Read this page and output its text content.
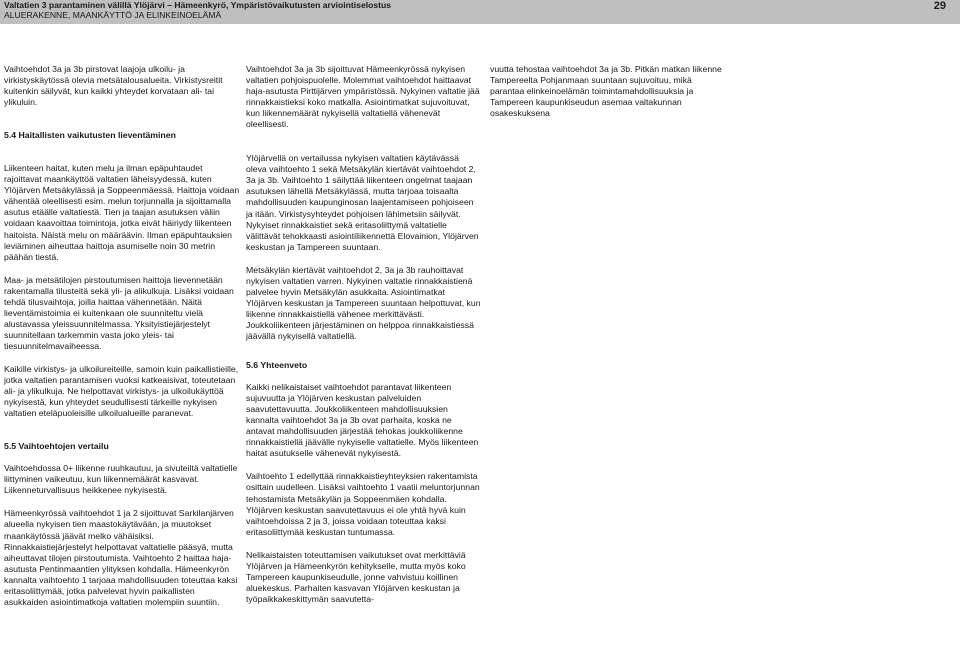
Valtatien 3 parantaminen välillä Ylöjärvi – Hämeenkyrö, Ympäristövaikutusten arviointiselostus
ALUERAKENNE, MAANKÄYTTÖ JA ELINKEINOELÄMÄ
29

Vaihtoehdot 3a ja 3b pirstovat laajoja ulkoilu- ja virkistyskäytössä olevia metsätalousalueita. Virkistysreitit kuitenkin säilyvät, kun kaikki yhteydet korvataan ali- tai ylikuluin.

5.4 Haitallisten vaikutusten lieventäminen

Liikenteen haitat, kuten melu ja ilman epäpuhtaudet rajoittavat maankäyttöä valtatien läheisyydessä, kuten Ylöjärven Metsäkylässä ja Soppeenmäessä. Haittoja voidaan vähentää oleellisesti esim. melun torjunnalla ja sijoittamalla asutus etäälle valtatiestä. Tien ja taajan asutuksen väliin voidaan kaavoittaa toimintoja, jotka eivät häiriydy liikenteen haitoista. Näistä melu on määräävin. Ilman epäpuhtauksien leviäminen aiheuttaa haittoja asumiselle noin 30 metrin päähän tiestä.

Maa- ja metsätilojen pirstoutumisen haittoja lievennetään rakentamalla tilusteitä sekä yli- ja alikulkuja. Lisäksi voidaan tehdä tilusvaihtoja, joilla haittaa vähennetään. Näitä lieventämistoimia ei kuitenkaan ole suunniteltu vielä alustavassa yleissuunnitelmassa. Yksityistiejärjestelyt suunnitellaan tarkemmin vasta joko yleis- tai tiesuunnitelmavaiheessa.

Kaikille virkistys- ja ulkoilureiteille, samoin kuin paikallistieille, jotka valtatien parantamisen vuoksi katkeaisivat, toteutetaan ali- ja ylikulkuja. Ne helpottavat virkistys- ja ulkoilukäyttöä nykyisestä, kun yhteydet seudullisesti tärkeille nykyisen valtatien eteläpuoleisille ulkoilualueille paranevat.

5.5 Vaihtoehtojen vertailu

Vaihtoehdossa 0+ liikenne ruuhkautuu, ja sivuteiltä valtatielle liittyminen vaikeutuu, kun liikennemäärät kasvavat. Liikenneturvallisuus heikkenee nykyisestä.

Hämeenkyrössä vaihtoehdot 1 ja 2 sijoittuvat Sarkilanjärven alueella nykyisen tien maastokäytävään, ja muutokset maankäytössä jäävät melko vähäisiksi. Rinnakkaistiejärjestelyt helpottavat valtatielle pääsyä, mutta aiheuttavat tilojen pirstoutumista. Vaihtoehto 2 haittaa haja-asutusta Pentinmaantien ylityksen kohdalla. Hämeenkyrön kannalta vaihtoehto 1 tarjoaa mahdollisuuden toteuttaa kaksi eritasoliittymää, jotka palvelevat hyvin paikallisten asukkaiden asiointimatkoja valtatien molempiin suuntiin.

Vaihtoehdot 3a ja 3b sijoittuvat Hämeenkyrössä nykyisen valtatien pohjoispuolelle. Molemmat vaihtoehdot haittaavat haja-asutusta Pirttijärven ympäristössä. Nykyinen valtatie jää rinnakkaistieksi koko matkalla. Asiointimatkat sujuvoituvat, kun liikennemäärät nykyisellä valtatiellä vähenevät oleellisesti.

Ylöjärvellä on vertailussa nykyisen valtatien käytävässä oleva vaihtoehto 1 sekä Metsäkylän kiertävät vaihtoehdot 2, 3a ja 3b. Vaihtoehto 1 säilyttää liikenteen ongelmat taajaan asutuksen lähellä Metsäkylässä, mutta tarjoaa toisaalta mahdollisuuden kaupunginosan laajentamiseen pohjoiseen ja itään. Virkistysyhteydet pohjoisen lähimetsiin säilyvät. Nykyiset rinnakkaistiet sekä eritasoliittymä valtatielle välittävät tehokkaasti asiointiliikennettä Elovainion, Ylöjärven keskustan ja Tampereen suuntaan.

Metsäkylän kiertävät vaihtoehdot 2, 3a ja 3b rauhoittavat nykyisen valtatien varren. Nykyinen valtatie rinnakkaistienä palvelee hyvin Metsäkylän asukkaita. Asiointimatkat Ylöjärven keskustan ja Tampereen suuntaan helpottuvat, kun liikenne rinnakkaistiellä vähenee merkittävästi. Joukkoliikenteen järjestäminen on helppoa rinnakkaistiessä jäävällä nykyisellä valtatiellä.

5.6 Yhteenveto

Kaikki nelikaistaiset vaihtoehdot parantavat liikenteen sujuvuutta ja Ylöjärven keskustan palveluiden saavutettavuutta. Joukkoliikenteen mahdollisuuksien kannalta vaihtoehdot 3a ja 3b ovat parhaita, koska ne antavat mahdollisuuden järjestää tehokas joukkoliikenne rinnakkaistiellä jäävälle nykyiselle valtatielle. Myös liikenteen haitat asutukselle vähenevät nykyisestä.

Vaihtoehto 1 edellyttää rinnakkaistieyhteyksien rakentamista osittain uudelleen. Lisäksi vaihtoehto 1 vaatii meluntorjunnan tehostamista Metsäkylän ja Soppeenmäen kohdalla. Ylöjärven keskustan saavutettavuus ei ole yhtä hyvä kuin vaihtoehdoissa 2 ja 3, joissa voidaan toteuttaa kaksi eritasoliittymää keskustan tuntumassa.

Nelikaistaisten toteuttamisen vaikutukset ovat merkittäviä Ylöjärven ja Hämeenkyrön kehitykselle, mutta myös koko Tampereen kaupunkiseudulle, jonne vahvistuu koillinen aluekeskus. Parhaiten kasvavan Ylöjärven keskustan ja työpaikkakeskittymän saavutetta-

vuutta tehostaa vaihtoehdot 3a ja 3b. Pitkän matkan liikenne Tampereelta Pohjanmaan suuntaan sujuvoituu, mikä parantaa elinkeinoelämän toimintamahdollisuuksia ja Tampereen kaupunkiseudun asemaa valtakunnan osakeskuksena
